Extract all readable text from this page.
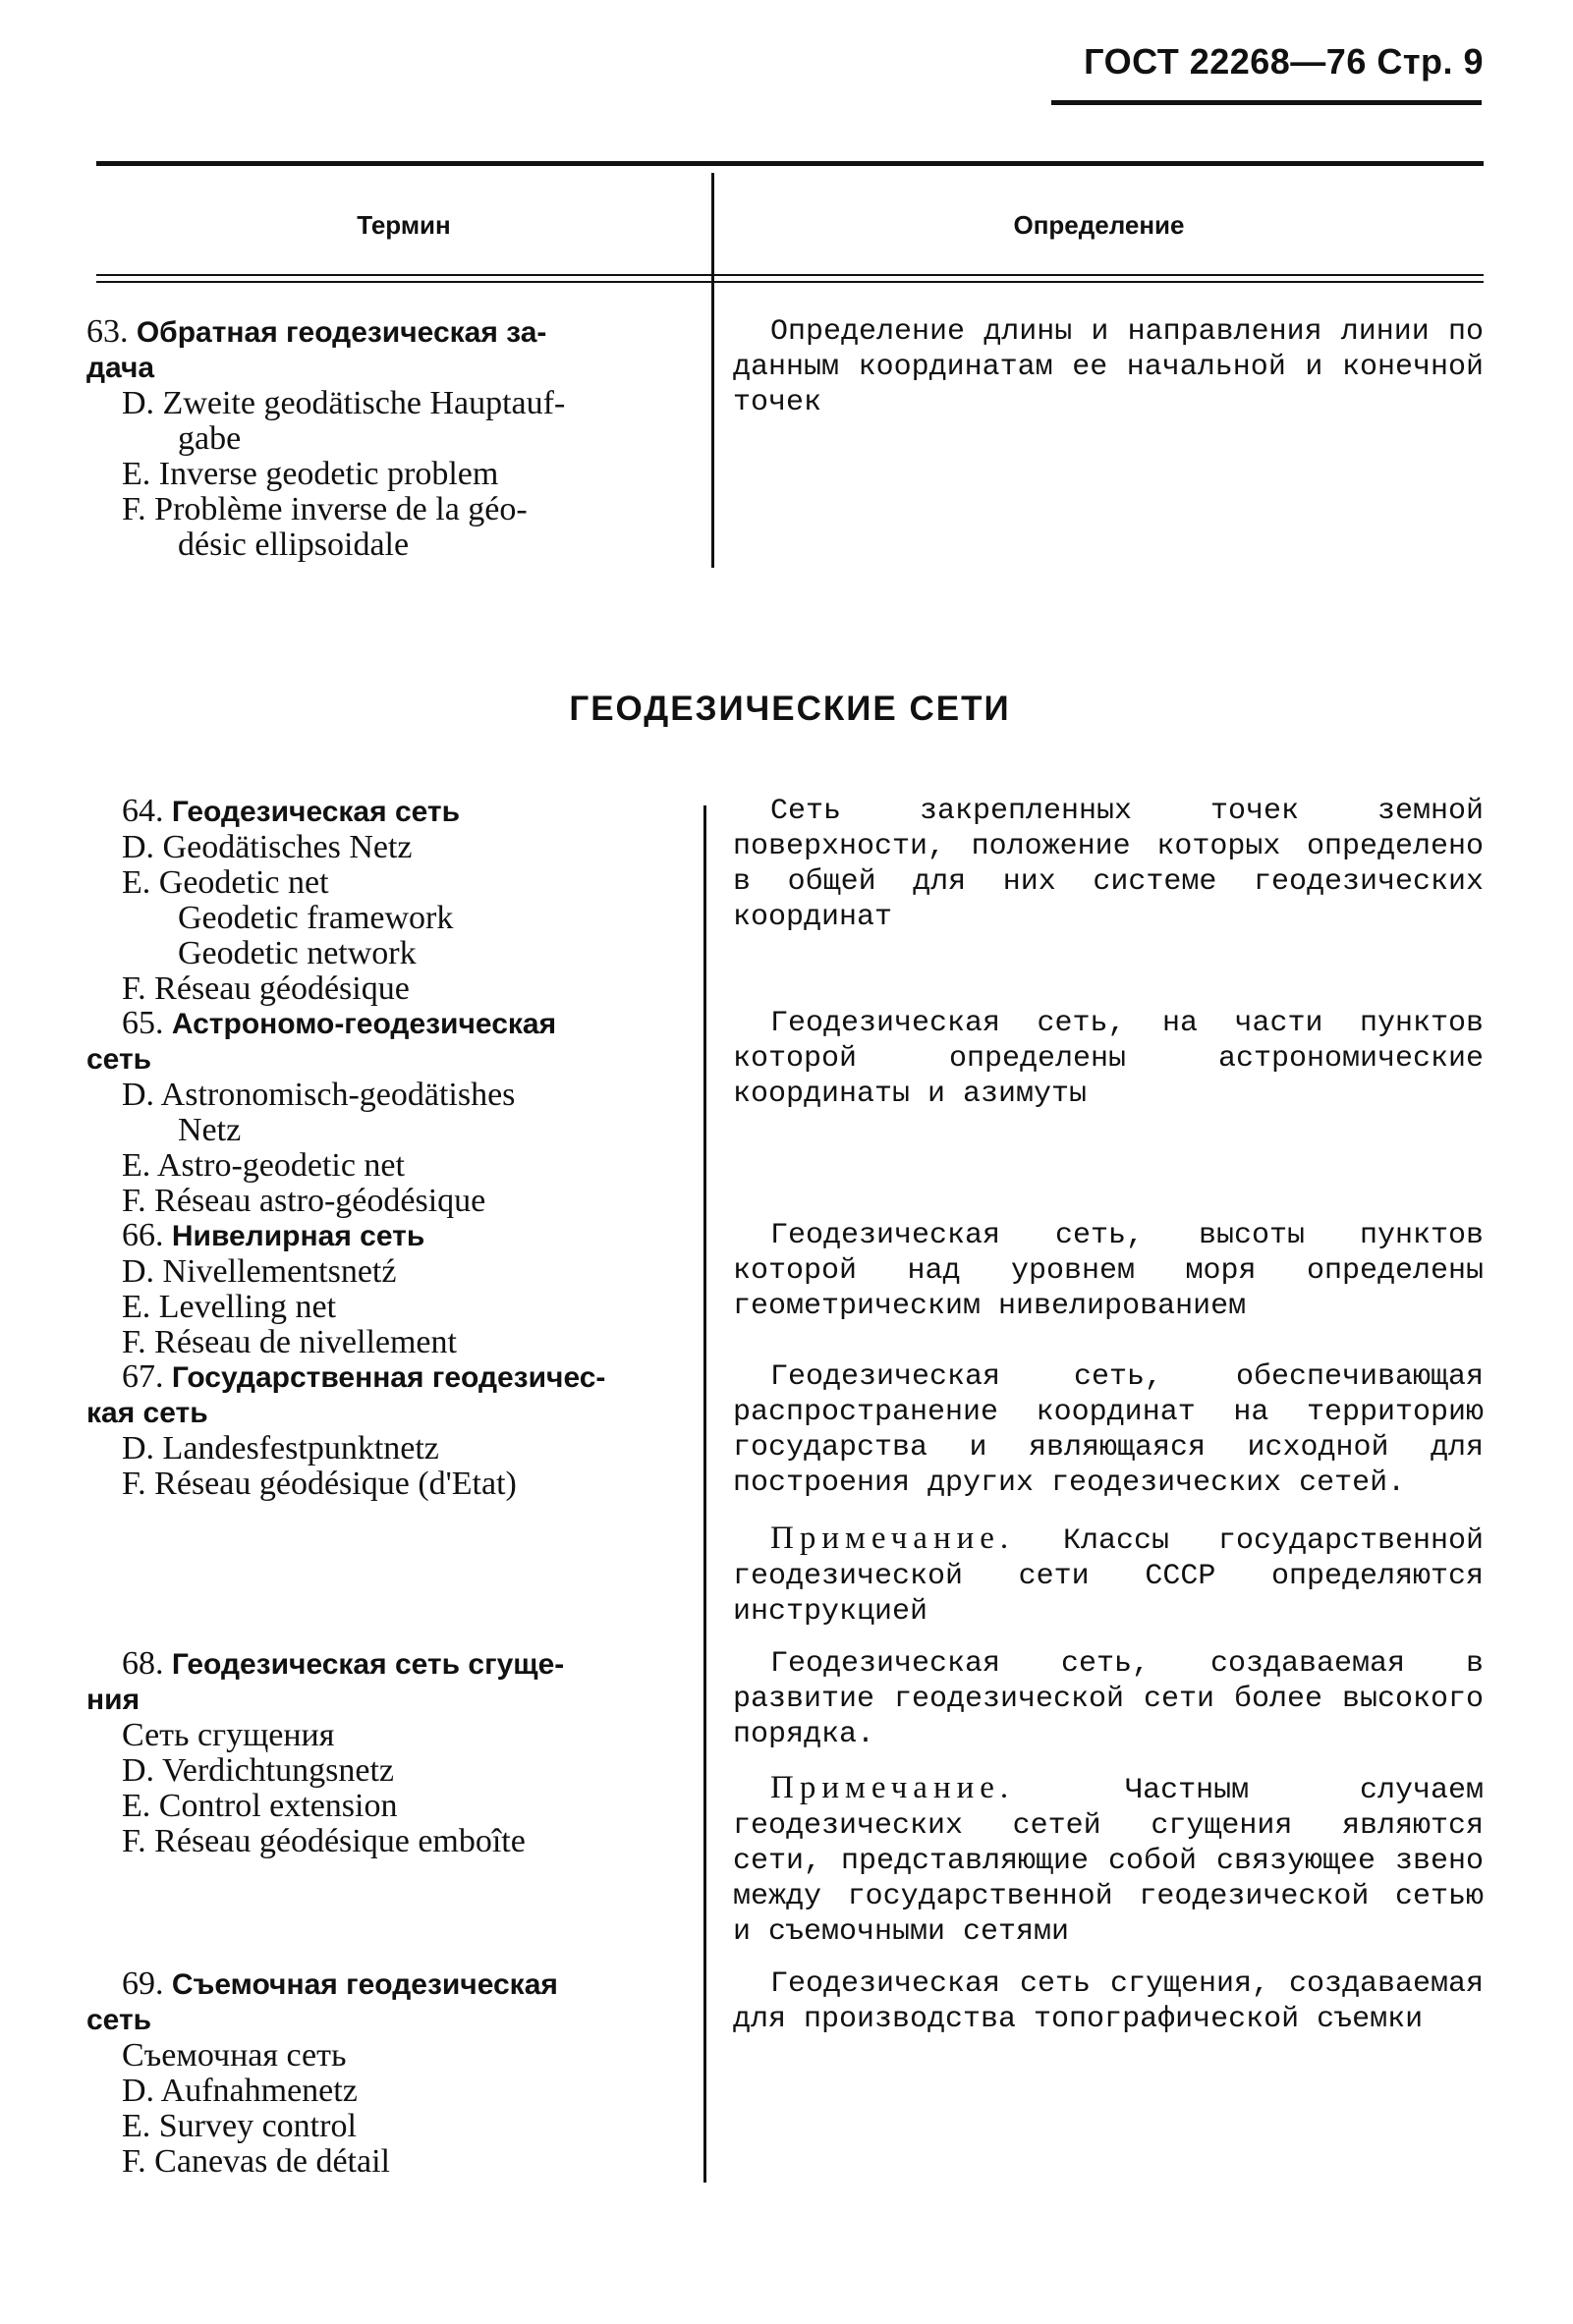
ГОСТ 22268—76 Стр. 9
Термин	Определение
63. Обратная геодезическая за-
дача
D. Zweite geodätische Hauptauf-
gabe
E. Inverse geodetic problem
F. Problème inverse de la géo-
désic ellipsoidale
Определение длины и направления линии по данным координатам ее начальной и конечной точек
ГЕОДЕЗИЧЕСКИЕ СЕТИ
64. Геодезическая сеть
D. Geodätisches Netz
E. Geodetic net
Geodetic framework
Geodetic network
F. Réseau géodésique
Сеть закрепленных точек земной поверхности, положение которых определено в общей для них системе геодезических координат
65. Астрономо-геодезическая
сеть
D. Astronomisch-geodätishes
Netz
E. Astro-geodetic net
F. Réseau astro-géodésique
Геодезическая сеть, на части пунктов которой определены астрономические координаты и азимуты
66. Нивелирная сеть
D. Nivellementsnetź
E. Levelling net
F. Réseau de nivellement
Геодезическая сеть, высоты пунктов которой над уровнем моря определены геометрическим нивелированием
67. Государственная геодезичес-
кая сеть
D. Landesfestpunktnetz
F. Réseau géodésique (d'Etat)
Геодезическая сеть, обеспечивающая распространение координат на территорию государства и являющаяся исходной для построения других геодезических сетей.
Примечание. Классы государственной геодезической сети СССР определяются инструкцией
68. Геодезическая сеть сгуще-
ния
Сеть сгущения
D. Verdichtungsnetz
E. Control extension
F. Réseau géodésique emboîte
Геодезическая сеть, создаваемая в развитие геодезической сети более высокого порядка.
Примечание.	Частным случаем геодезических сетей сгущения являются сети, представляющие собой связующее звено между государственной геодезической сетью и съемочными сетями
69. Съемочная геодезическая
сеть
Съемочная сеть
D. Aufnahmenetz
E. Survey control
F. Canevas de détail
Геодезическая сеть сгущения, создаваемая для производства топографической съемки
